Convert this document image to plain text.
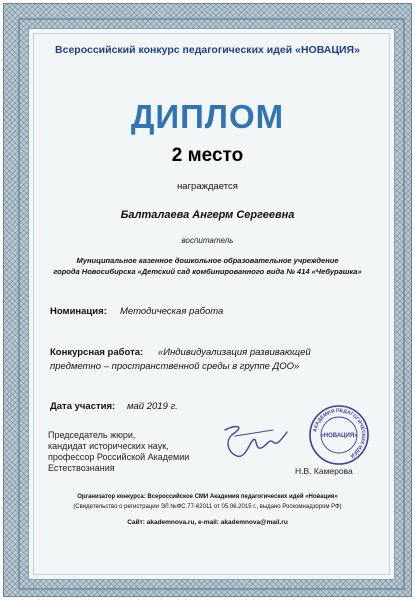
Всероссийский конкурс педагогических идей «НОВАЦИЯ»
ДИПЛОМ
2 место
награждается
Балталаева Ангерм Сергеевна
воспитатель
Муниципальное казенное дошкольное образовательное учреждение
города Новосибирска «Детский сад комбинированного вида № 414 «Чебурашка»
Номинация: Методическая работа
Конкурсная работа: «Индивидуализация развивающей
предметно – пространственной среды в группе ДОО»
Дата участия: май 2019 г.
Председатель жюри,
кандидат исторических наук,
профессор Российской Академии
Естествознания
АКАДЕМИЯ ПЕДАГОГИЧЕСКИХ ИДЕЙ
«НОВАЦИЯ»
Н.В. Камерова
Организатор конкурса: Всероссийское СМИ Академия педагогических идей «Новация»
(Свидетельство о регистрации ЭЛ №ФС 77-62011 от 05.06.2015 г., выдано Роскомнадзором РФ)
Сайт: akademnova.ru, e-mail: akademnova@mail.ru
